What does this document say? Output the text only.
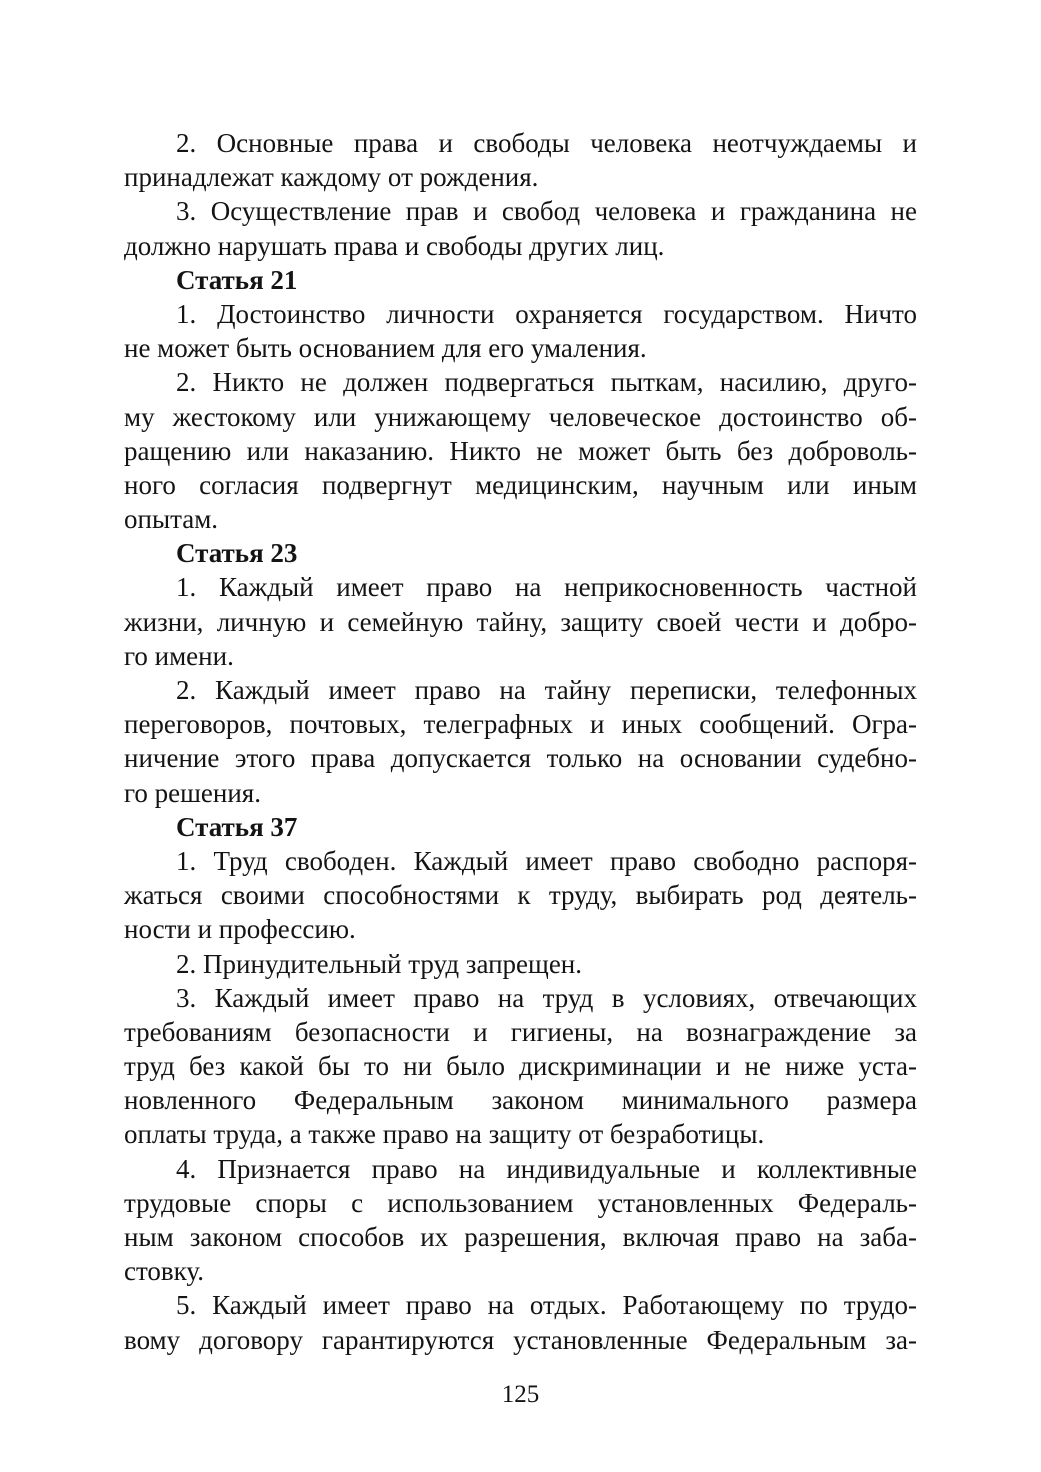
2. Основные права и свободы человека неотчуждаемы и
принадлежат каждому от рождения.
3. Осуществление прав и свобод человека и гражданина не
должно нарушать права и свободы других лиц.
Статья 21
1. Достоинство личности охраняется государством. Ничто
не может быть основанием для его умаления.
2. Никто не должен подвергаться пыткам, насилию, друго-
му жестокому или унижающему человеческое достоинство об-
ращению или наказанию. Никто не может быть без доброволь-
ного согласия подвергнут медицинским, научным или иным
опытам.
Статья 23
1. Каждый имеет право на неприкосновенность частной
жизни, личную и семейную тайну, защиту своей чести и добро-
го имени.
2. Каждый имеет право на тайну переписки, телефонных
переговоров, почтовых, телеграфных и иных сообщений. Огра-
ничение этого права допускается только на основании судебно-
го решения.
Статья 37
1. Труд свободен. Каждый имеет право свободно распоря-
жаться своими способностями к труду, выбирать род деятель-
ности и профессию.
2. Принудительный труд запрещен.
3. Каждый имеет право на труд в условиях, отвечающих
требованиям безопасности и гигиены, на вознаграждение за
труд без какой бы то ни было дискриминации и не ниже уста-
новленного Федеральным законом минимального размера
оплаты труда, а также право на защиту от безработицы.
4. Признается право на индивидуальные и коллективные
трудовые споры с использованием установленных Федераль-
ным законом способов их разрешения, включая право на заба-
стовку.
5. Каждый имеет право на отдых. Работающему по трудо-
вому договору гарантируются установленные Федеральным за-
125
